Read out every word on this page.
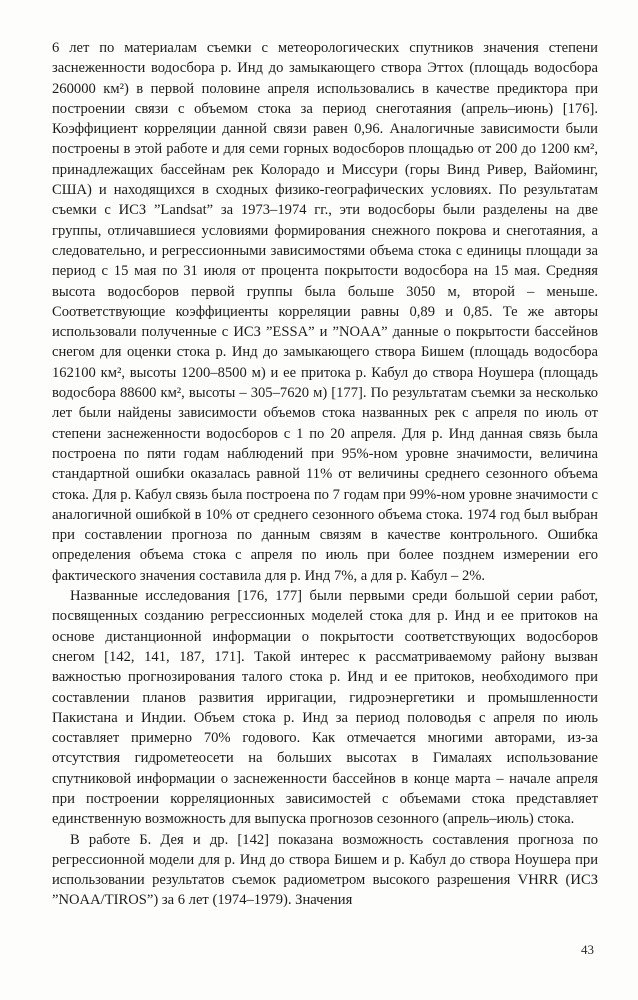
6 лет по материалам съемки с метеорологических спутников значения степени заснеженности водосбора р. Инд до замыкающего створа Эттох (площадь водосбора 260000 км²) в первой половине апреля использовались в качестве предиктора при построении связи с объемом стока за период снеготаяния (апрель–июнь) [176]. Коэффициент корреляции данной связи равен 0,96. Аналогичные зависимости были построены в этой работе и для семи горных водосборов площадью от 200 до 1200 км², принадлежащих бассейнам рек Колорадо и Миссури (горы Винд Ривер, Вайоминг, США) и находящихся в сходных физико-географических условиях. По результатам съемки с ИСЗ ”Landsat” за 1973–1974 гг., эти водосборы были разделены на две группы, отличавшиеся условиями формирования снежного покрова и снеготаяния, а следовательно, и регрессионными зависимостями объема стока с единицы площади за период с 15 мая по 31 июля от процента покрытости водосбора на 15 мая. Средняя высота водосборов первой группы была больше 3050 м, второй – меньше. Соответствующие коэффициенты корреляции равны 0,89 и 0,85. Те же авторы использовали полученные с ИСЗ ”ESSA” и ”NOAA” данные о покрытости бассейнов снегом для оценки стока р. Инд до замыкающего створа Бишем (площадь водосбора 162100 км², высоты 1200–8500 м) и ее притока р. Кабул до створа Ноушера (площадь водосбора 88600 км², высоты – 305–7620 м) [177]. По результатам съемки за несколько лет были найдены зависимости объемов стока названных рек с апреля по июль от степени заснеженности водосборов с 1 по 20 апреля. Для р. Инд данная связь была построена по пяти годам наблюдений при 95%-ном уровне значимости, величина стандартной ошибки оказалась равной 11% от величины среднего сезонного объема стока. Для р. Кабул связь была построена по 7 годам при 99%-ном уровне значимости с аналогичной ошибкой в 10% от среднего сезонного объема стока. 1974 год был выбран при составлении прогноза по данным связям в качестве контрольного. Ошибка определения объема стока с апреля по июль при более позднем измерении его фактического значения составила для р. Инд 7%, а для р. Кабул – 2%.

Названные исследования [176, 177] были первыми среди большой серии работ, посвященных созданию регрессионных моделей стока для р. Инд и ее притоков на основе дистанционной информации о покрытости соответствующих водосборов снегом [142, 141, 187, 171]. Такой интерес к рассматриваемому району вызван важностью прогнозирования талого стока р. Инд и ее притоков, необходимого при составлении планов развития ирригации, гидроэнергетики и промышленности Пакистана и Индии. Объем стока р. Инд за период половодья с апреля по июль составляет примерно 70% годового. Как отмечается многими авторами, из-за отсутствия гидрометеосети на больших высотах в Гималаях использование спутниковой информации о заснеженности бассейнов в конце марта – начале апреля при построении корреляционных зависимостей с объемами стока представляет единственную возможность для выпуска прогнозов сезонного (апрель–июль) стока.

В работе Б. Дея и др. [142] показана возможность составления прогноза по регрессионной модели для р. Инд до створа Бишем и р. Кабул до створа Ноушера при использовании результатов съемок радиометром высокого разрешения VHRR (ИСЗ ”NOAA/TIROS”) за 6 лет (1974–1979). Значения

43
